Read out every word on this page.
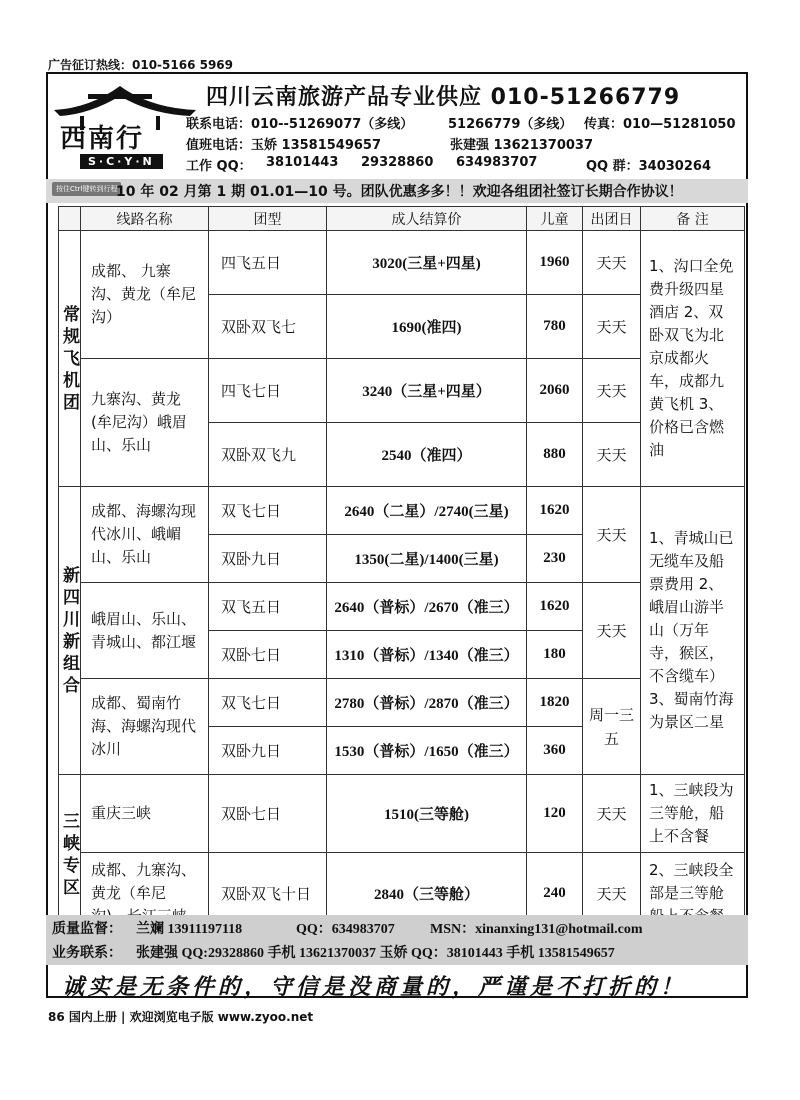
广告征订热线：010-5166 5969
西南行
S·C·Y·N
四川云南旅游产品专业供应 010-51266779
联系电话：010--51269077（多线）	51266779（多线） 传真：010—51281050
值班电话：玉娇 13581549657	张建强 13621370037
工作 QQ： 38101443 29328860 634983707	QQ 群：34030264
按住Ctrl键转到行程
10 年 02 月第 1 期 01.01—10 号。团队优惠多多！！欢迎各组团社签订长期合作协议！
	线路名称	团型	成人结算价	儿童	出团日	备 注
常规飞机团	成都、 九寨沟、黄龙（牟尼沟）	四飞五日	3020(三星+四星)	1960	天天	1、沟口全免费升级四星酒店 2、双卧双飞为北京成都火车，成都九黄飞机 3、价格已含燃油
		双卧双飞七	1690(准四)	780	天天	
	九寨沟、黄龙(牟尼沟）峨眉山、乐山	四飞七日	3240（三星+四星）	2060	天天	
		双卧双飞九	2540（准四）	880	天天	
新四川 新组合	成都、海螺沟现代冰川、峨嵋山、乐山	双飞七日	2640（二星）/2740(三星)	1620	天天	1、青城山已无缆车及船票费用 2、峨眉山游半山（万年寺，猴区，不含缆车） 3、蜀南竹海为景区二星
		双卧九日	1350(二星)/1400(三星)	230		
	峨眉山、乐山、青城山、都江堰	双飞五日	2640（普标）/2670（准三）	1620	天天	
		双卧七日	1310（普标）/1340（准三）	180		
	成都、蜀南竹海、海螺沟现代冰川	双飞七日	2780（普标）/2870（准三）	1820	周一三五	
		双卧九日	1530（普标）/1650（准三）	360		
三峡专区	重庆三峡	双卧七日	1510(三等舱)	120	天天	1、三峡段为三等舱，船上不含餐
	成都、九寨沟、黄龙（牟尼	双卧双飞十日	2840（三等舱）	240	天天	2、三峡段全部是三等舱
质量监督： 兰斓 13911197118	QQ：634983707	MSN：xinanxing131@hotmail.com
业务联系： 张建强 QQ:29328860 手机 13621370037 玉娇 QQ：38101443 手机 13581549657
诚实是无条件的，守信是没商量的，严谨是不打折的！
86 国内上册 | 欢迎浏览电子版 www.zyoo.net
